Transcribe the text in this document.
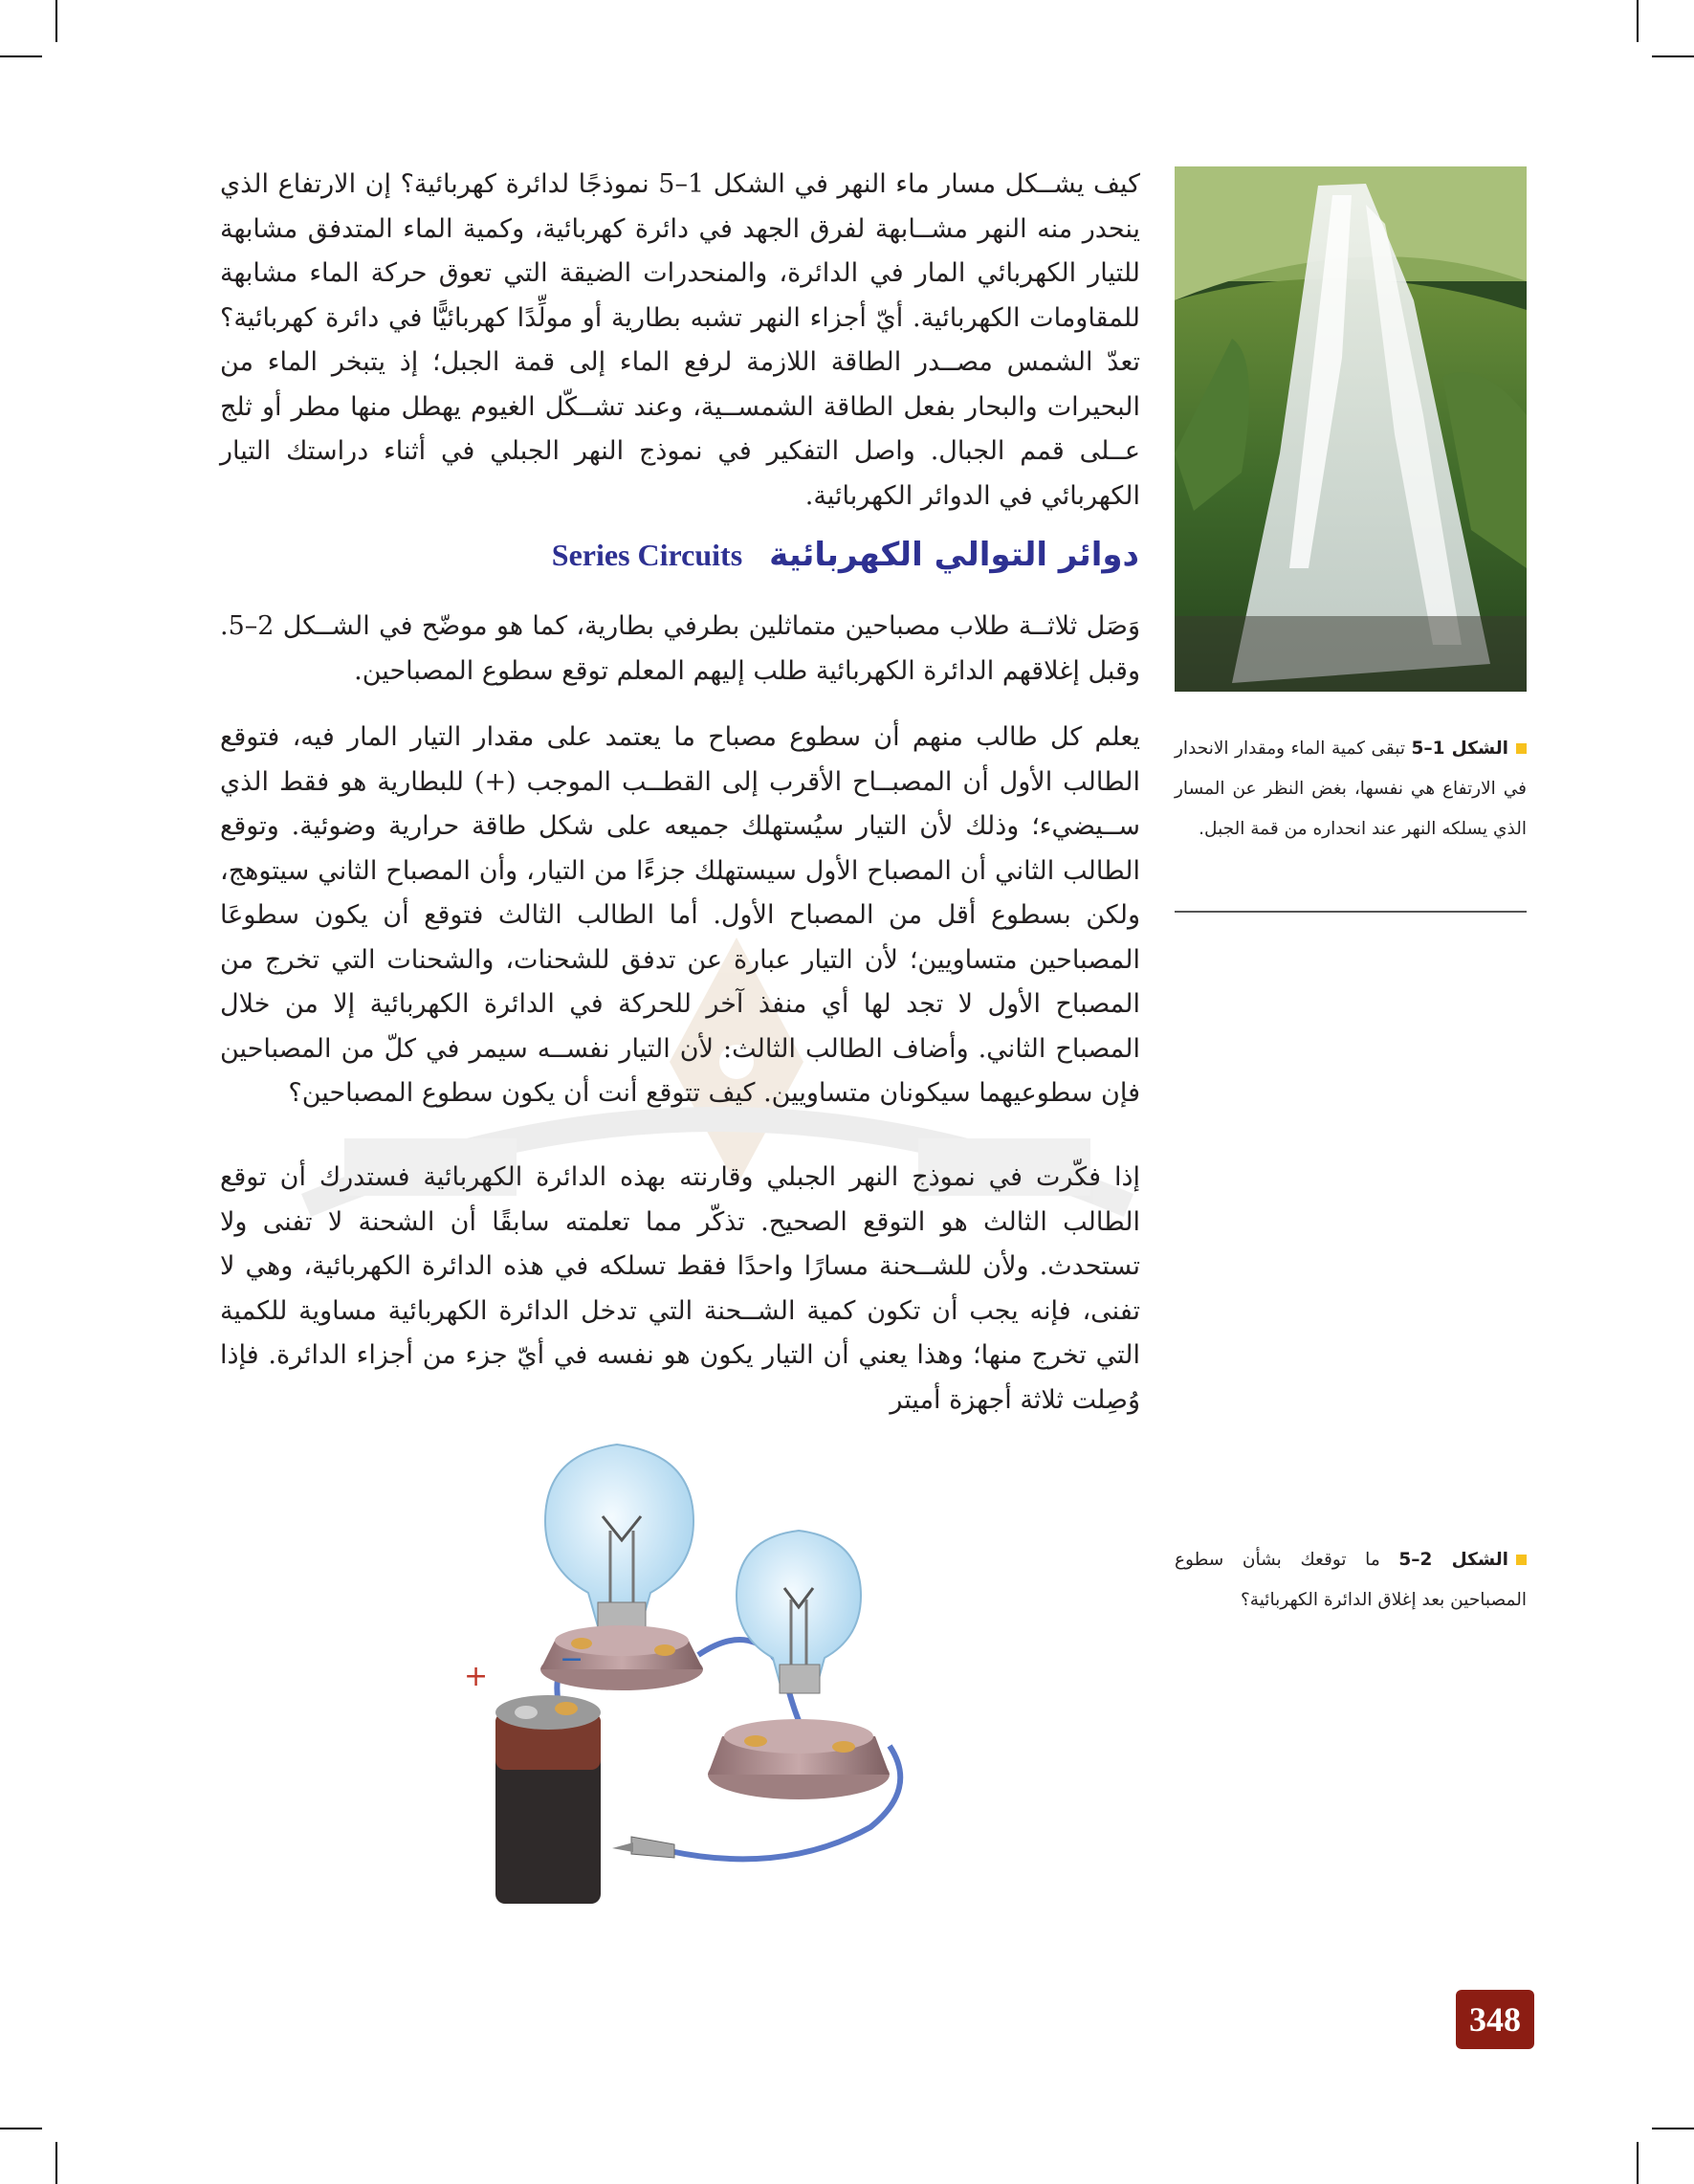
كيف يشــكل مسار ماء النهر في الشكل 1–5 نموذجًا لدائرة كهربائية؟ إن الارتفاع الذي ينحدر منه النهر مشــابهة لفرق الجهد في دائرة كهربائية، وكمية الماء المتدفق مشابهة للتيار الكهربائي المار في الدائرة، والمنحدرات الضيقة التي تعوق حركة الماء مشابهة للمقاومات الكهربائية. أيّ أجزاء النهر تشبه بطارية أو مولِّدًا كهربائيًّا في دائرة كهربائية؟ تعدّ الشمس مصــدر الطاقة اللازمة لرفع الماء إلى قمة الجبل؛ إذ يتبخر الماء من البحيرات والبحار بفعل الطاقة الشمســية، وعند تشــكّل الغيوم يهطل منها مطر أو ثلج عــلى قمم الجبال. واصل التفكير في نموذج النهر الجبلي في أثناء دراستك التيار الكهربائي في الدوائر الكهربائية.
الشكل 1–5 تبقى كمية الماء ومقدار الانحدار في الارتفاع هي نفسها، بغض النظر عن المسار الذي يسلكه النهر عند انحداره من قمة الجبل.
دوائر التوالي الكهربائيةSeries Circuits
وَصَل ثلاثــة طلاب مصباحين متماثلين بطرفي بطارية، كما هو موضّح في الشــكل 2–5. وقبل إغلاقهم الدائرة الكهربائية طلب إليهم المعلم توقع سطوع المصباحين.
يعلم كل طالب منهم أن سطوع مصباح ما يعتمد على مقدار التيار المار فيه، فتوقع الطالب الأول أن المصبــاح الأقرب إلى القطــب الموجب (+) للبطارية هو فقط الذي ســيضيء؛ وذلك لأن التيار سيُستهلك جميعه على شكل طاقة حرارية وضوئية. وتوقع الطالب الثاني أن المصباح الأول سيستهلك جزءًا من التيار، وأن المصباح الثاني سيتوهج، ولكن بسطوع أقل من المصباح الأول. أما الطالب الثالث فتوقع أن يكون سطوعَا المصباحين متساويين؛ لأن التيار عبارة عن تدفق للشحنات، والشحنات التي تخرج من المصباح الأول لا تجد لها أي منفذ آخر للحركة في الدائرة الكهربائية إلا من خلال المصباح الثاني. وأضاف الطالب الثالث: لأن التيار نفســه سيمر في كلّ من المصباحين فإن سطوعيهما سيكونان متساويين. كيف تتوقع أنت أن يكون سطوع المصباحين؟
إذا فكّرت في نموذج النهر الجبلي وقارنته بهذه الدائرة الكهربائية فستدرك أن توقع الطالب الثالث هو التوقع الصحيح. تذكّر مما تعلمته سابقًا أن الشحنة لا تفنى ولا تستحدث. ولأن للشــحنة مسارًا واحدًا فقط تسلكه في هذه الدائرة الكهربائية، وهي لا تفنى، فإنه يجب أن تكون كمية الشــحنة التي تدخل الدائرة الكهربائية مساوية للكمية التي تخرج منها؛ وهذا يعني أن التيار يكون هو نفسه في أيّ جزء من أجزاء الدائرة. فإذا وُصِلت ثلاثة أجهزة أميتر
الشكل 2–5 ما توقعك بشأن سطوع المصباحين بعد إغلاق الدائرة الكهربائية؟
+
−
348
